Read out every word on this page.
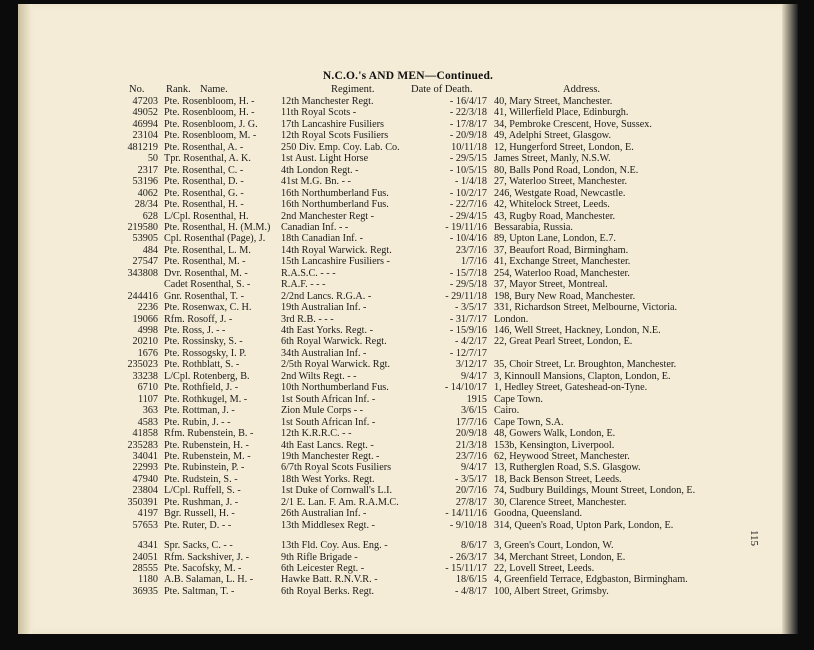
N.C.O.'s AND MEN—Continued.
No. Rank. Name.	Regiment.	Date of Death.	Address.
47203 Pte. Rosenbloom, H. -	12th Manchester Regt.	- 16/4/17 40, Mary Street, Manchester.
49052 Pte. Rosenbloom, H. -	11th Royal Scots -	- 22/3/18 41, Willerfield Place, Edinburgh.
46994 Pte. Rosenbloom, J. G.	17th Lancashire Fusiliers	- 17/8/17 34, Pembroke Crescent, Hove, Sussex.
23104 Pte. Rosenbloom, M. -	12th Royal Scots Fusiliers	- 20/9/18 49, Adelphi Street, Glasgow.
481219 Pte. Rosenthal, A. -	250 Div. Emp. Coy. Lab. Co.	10/11/18 12, Hungerford Street, London, E.
50 Tpr. Rosenthal, A. K.	1st Aust. Light Horse	- 29/5/15 James Street, Manly, N.S.W.
2317 Pte. Rosenthal, C. -	4th London Regt. -	- 10/5/15 80, Balls Pond Road, London, N.E.
53196 Pte. Rosenthal, D. -	41st M.G. Bn. - -	- 1/4/18 27, Waterloo Street, Manchester.
4062 Pte. Rosenthal, G. -	16th Northumberland Fus.	- 10/2/17 246, Westgate Road, Newcastle.
28/34 Pte. Rosenthal, H. -	16th Northumberland Fus.	- 22/7/16 42, Whitelock Street, Leeds.
628 L/Cpl. Rosenthal, H.	2nd Manchester Regt -	- 29/4/15 43, Rugby Road, Manchester.
219580 Pte. Rosenthal, H. (M.M.)	Canadian Inf. - -	- 19/11/16 Bessarabia, Russia.
53905 Cpl. Rosenthal (Page), J.	18th Canadian Inf. -	- 10/4/16 89, Upton Lane, London, E.7.
484 Pte. Rosenthal, L. M.	14th Royal Warwick. Regt.	23/7/16 37, Beaufort Road, Birmingham.
27547 Pte. Rosenthal, M. -	15th Lancashire Fusiliers -	1/7/16 41, Exchange Street, Manchester.
343808 Dvr. Rosenthal, M. -	R.A.S.C. - - -	- 15/7/18 254, Waterloo Road, Manchester.
Cadet Rosenthal, S. -	R.A.F. - - -	- 29/5/18 37, Mayor Street, Montreal.
244416 Gnr. Rosenthal, T. -	2/2nd Lancs. R.G.A. -	- 29/11/18 198, Bury New Road, Manchester.
2236 Pte. Rosenwax, C. H.	19th Australian Inf. -	- 3/5/17 331, Richardson Street, Melbourne, Victoria.
19066 Rfm. Rosoff, J. -	3rd R.B. - - -	- 31/7/17 London.
4998 Pte. Ross, J. - -	4th East Yorks. Regt. -	- 15/9/16 146, Well Street, Hackney, London, N.E.
20210 Pte. Rossinsky, S. -	6th Royal Warwick. Regt.	- 4/2/17 22, Great Pearl Street, London, E.
1676 Pte. Rossogsky, I. P.	34th Australian Inf. -	- 12/7/17
235023 Pte. Rothblatt, S. -	2/5th Royal Warwick. Rgt.	3/12/17 35, Choir Street, Lr. Broughton, Manchester.
33238 L/Cpl. Rotenberg, B.	2nd Wilts Regt. - -	9/4/17 3, Kinnoull Mansions, Clapton, London, E.
6710 Pte. Rothfield, J. -	10th Northumberland Fus.	- 14/10/17 1, Hedley Street, Gateshead-on-Tyne.
1107 Pte. Rothkugel, M. -	1st South African Inf. -	1915 Cape Town.
363 Pte. Rottman, J. -	Zion Mule Corps - -	3/6/15 Cairo.
4583 Pte. Rubin, J. - -	1st South African Inf. -	17/7/16 Cape Town, S.A.
41858 Rfm. Rubenstein, B. -	12th K.R.R.C. - -	20/9/18 48, Gowers Walk, London, E.
235283 Pte. Rubenstein, H. -	4th East Lancs. Regt. -	21/3/18 153b, Kensington, Liverpool.
34041 Pte. Rubenstein, M. -	19th Manchester Regt. -	23/7/16 62, Heywood Street, Manchester.
22993 Pte. Rubinstein, P. -	6/7th Royal Scots Fusiliers	9/4/17 13, Rutherglen Road, S.S. Glasgow.
47940 Pte. Rudstein, S. -	18th West Yorks. Regt.	- 3/5/17 18, Back Benson Street, Leeds.
23804 L/Cpl. Ruffell, S. -	1st Duke of Cornwall's L.I.	20/7/16 74, Sudbury Buildings, Mount Street, London, E.
350391 Pte. Rushman, J. -	2/1 E. Lan. F. Am. R.A.M.C.	27/8/17 30, Clarence Street, Manchester.
4197 Bgr. Russell, H. -	26th Australian Inf. -	- 14/11/16 Goodna, Queensland.
57653 Pte. Ruter, D. - -	13th Middlesex Regt. -	- 9/10/18 314, Queen's Road, Upton Park, London, E.
4341 Spr. Sacks, C. - -	13th Fld. Coy. Aus. Eng. -	8/6/17 3, Green's Court, London, W.
24051 Rfm. Sackshiver, J. -	9th Rifle Brigade -	- 26/3/17 34, Merchant Street, London, E.
28555 Pte. Sacofsky, M. -	6th Leicester Regt. -	- 15/11/17 22, Lovell Street, Leeds.
1180 A.B. Salaman, L. H. -	Hawke Batt. R.N.V.R. -	18/6/15 4, Greenfield Terrace, Edgbaston, Birmingham.
36935 Pte. Saltman, T. -	6th Royal Berks. Regt.	- 4/8/17 100, Albert Street, Grimsby.
115
